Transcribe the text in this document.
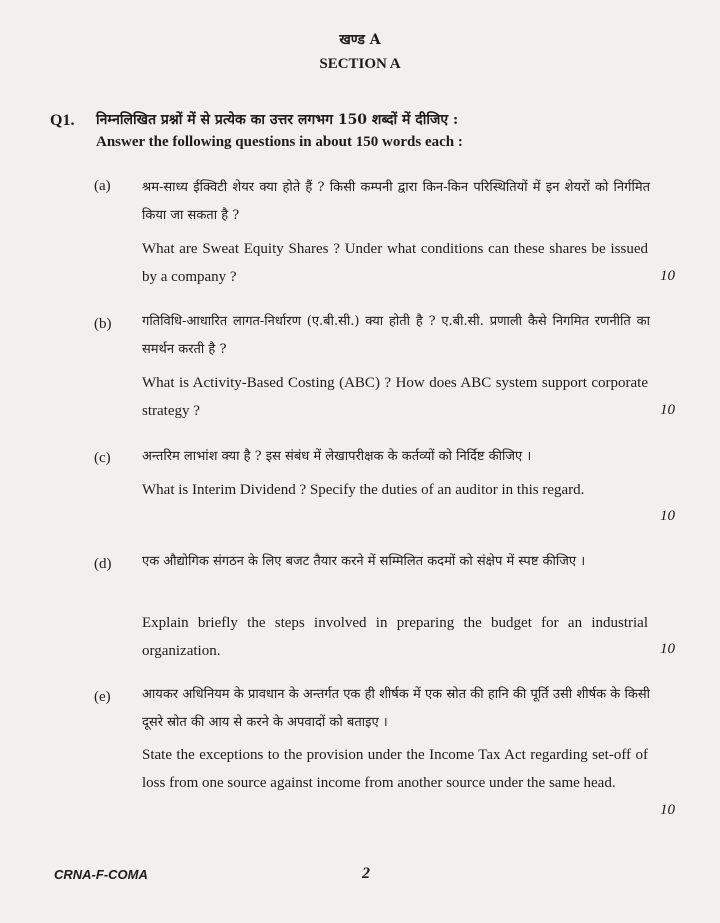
खण्ड A
SECTION A
Q1. निम्नलिखित प्रश्नों में से प्रत्येक का उत्तर लगभग 150 शब्दों में दीजिए :
Answer the following questions in about 150 words each :
(a) श्रम-साध्य ईक्विटी शेयर क्या होते हैं ? किसी कम्पनी द्वारा किन-किन परिस्थितियों में इन शेयरों को निर्गमित किया जा सकता है ?
What are Sweat Equity Shares ? Under what conditions can these shares be issued by a company ?	10
(b) गतिविधि-आधारित लागत-निर्धारण (ए.बी.सी.) क्या होती है ? ए.बी.सी. प्रणाली कैसे निगमित रणनीति का समर्थन करती है ?
What is Activity-Based Costing (ABC) ? How does ABC system support corporate strategy ?	10
(c) अन्तरिम लाभांश क्या है ? इस संबंध में लेखापरीक्षक के कर्तव्यों को निर्दिष्ट कीजिए ।
What is Interim Dividend ? Specify the duties of an auditor in this regard.
10
(d) एक औद्योगिक संगठन के लिए बजट तैयार करने में सम्मिलित कदमों को संक्षेप में स्पष्ट कीजिए ।
Explain briefly the steps involved in preparing the budget for an industrial organization.	10
(e) आयकर अधिनियम के प्रावधान के अन्तर्गत एक ही शीर्षक में एक स्रोत की हानि की पूर्ति उसी शीर्षक के किसी दूसरे स्रोत की आय से करने के अपवादों को बताइए ।
State the exceptions to the provision under the Income Tax Act regarding set-off of loss from one source against income from another source under the same head.
10
CRNA-F-COMA	2
